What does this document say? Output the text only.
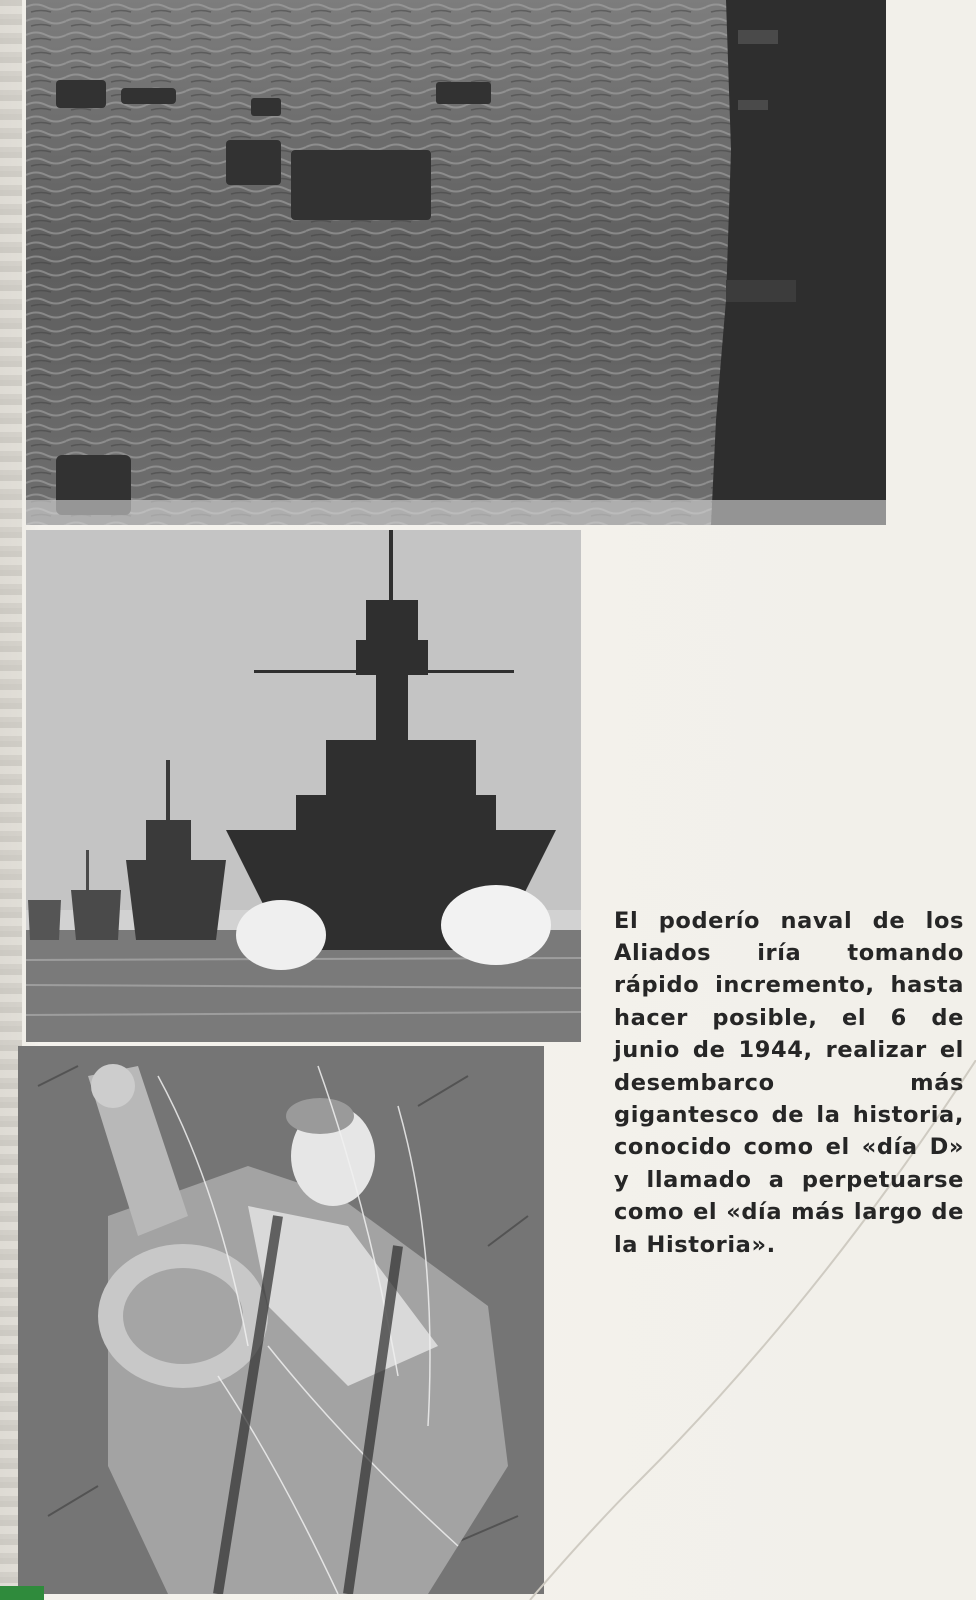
El poderío naval de los Aliados iría tomando rápido incremento, hasta hacer posible, el 6 de junio de 1944, realizar el desembarco más gigantesco de la historia, conocido como el «día D» y llamado a perpetuarse como el «día más largo de la Historia».
